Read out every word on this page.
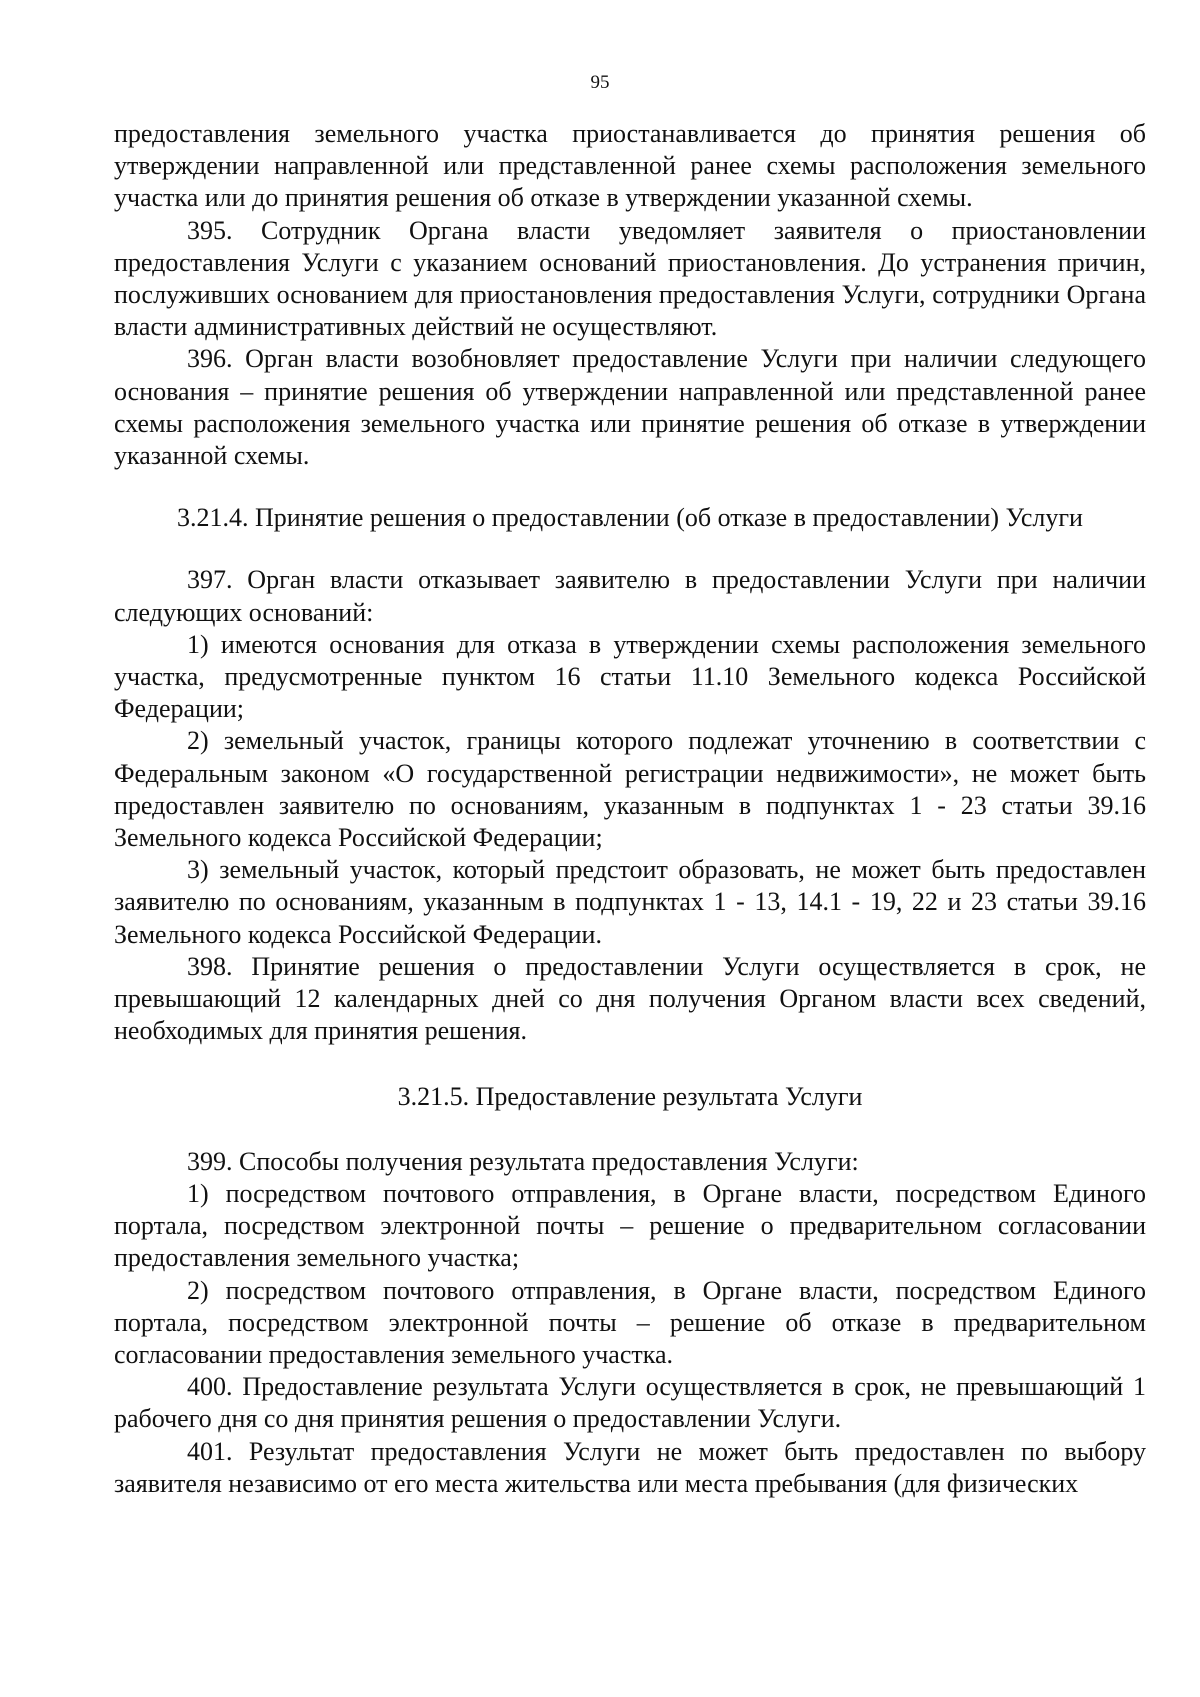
95

предоставления земельного участка приостанавливается до принятия решения об утверждении направленной или представленной ранее схемы расположения земельного участка или до принятия решения об отказе в утверждении указанной схемы.

395. Сотрудник Органа власти уведомляет заявителя о приостановлении предоставления Услуги с указанием оснований приостановления. До устранения причин, послуживших основанием для приостановления предоставления Услуги, сотрудники Органа власти административных действий не осуществляют.

396. Орган власти возобновляет предоставление Услуги при наличии следующего основания – принятие решения об утверждении направленной или представленной ранее схемы расположения земельного участка или принятие решения об отказе в утверждении указанной схемы.

3.21.4. Принятие решения о предоставлении (об отказе в предоставлении) Услуги

397. Орган власти отказывает заявителю в предоставлении Услуги при наличии следующих оснований:

1) имеются основания для отказа в утверждении схемы расположения земельного участка, предусмотренные пунктом 16 статьи 11.10 Земельного кодекса Российской Федерации;

2) земельный участок, границы которого подлежат уточнению в соответствии с Федеральным законом «О государственной регистрации недвижимости», не может быть предоставлен заявителю по основаниям, указанным в подпунктах 1 - 23 статьи 39.16 Земельного кодекса Российской Федерации;

3) земельный участок, который предстоит образовать, не может быть предоставлен заявителю по основаниям, указанным в подпунктах 1 - 13, 14.1 - 19, 22 и 23 статьи 39.16 Земельного кодекса Российской Федерации.

398. Принятие решения о предоставлении Услуги осуществляется в срок, не превышающий 12 календарных дней со дня получения Органом власти всех сведений, необходимых для принятия решения.

3.21.5. Предоставление результата Услуги

399. Способы получения результата предоставления Услуги:

1) посредством почтового отправления, в Органе власти, посредством Единого портала, посредством электронной почты – решение о предварительном согласовании предоставления земельного участка;

2) посредством почтового отправления, в Органе власти, посредством Единого портала, посредством электронной почты – решение об отказе в предварительном согласовании предоставления земельного участка.

400. Предоставление результата Услуги осуществляется в срок, не превышающий 1 рабочего дня со дня принятия решения о предоставлении Услуги.

401. Результат предоставления Услуги не может быть предоставлен по выбору заявителя независимо от его места жительства или места пребывания (для физических
